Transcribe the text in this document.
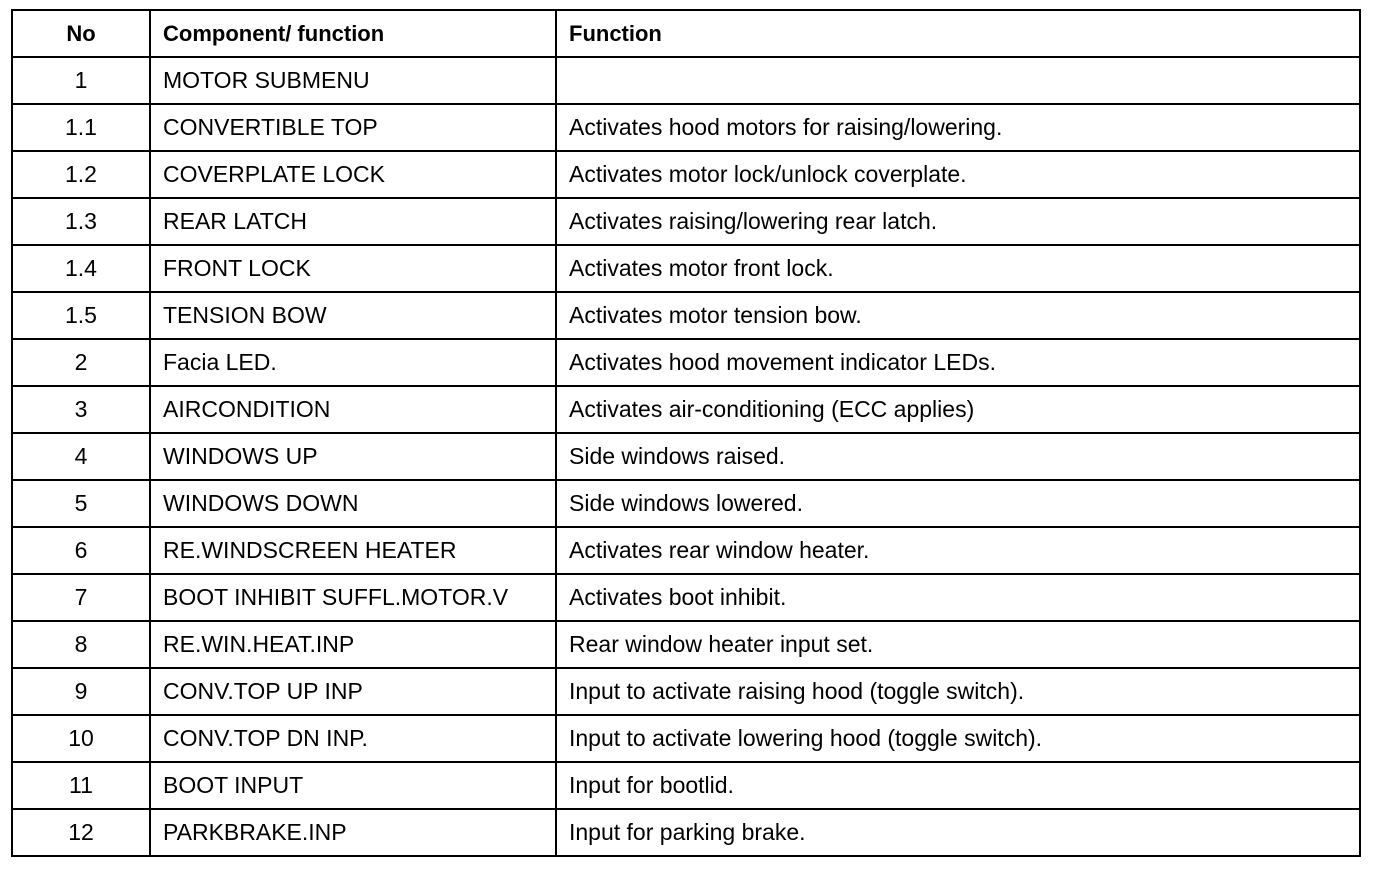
No	Component/ function	Function
1	MOTOR SUBMENU	
1.1	CONVERTIBLE TOP	Activates hood motors for raising/lowering.
1.2	COVERPLATE LOCK	Activates motor lock/unlock coverplate.
1.3	REAR LATCH	Activates raising/lowering rear latch.
1.4	FRONT LOCK	Activates motor front lock.
1.5	TENSION BOW	Activates motor tension bow.
2	Facia LED.	Activates hood movement indicator LEDs.
3	AIRCONDITION	Activates air-conditioning (ECC applies)
4	WINDOWS UP	Side windows raised.
5	WINDOWS DOWN	Side windows lowered.
6	RE.WINDSCREEN HEATER	Activates rear window heater.
7	BOOT INHIBIT SUFFL.MOTOR.V	Activates boot inhibit.
8	RE.WIN.HEAT.INP	Rear window heater input set.
9	CONV.TOP UP INP	Input to activate raising hood (toggle switch).
10	CONV.TOP DN INP.	Input to activate lowering hood (toggle switch).
11	BOOT INPUT	Input for bootlid.
12	PARKBRAKE.INP	Input for parking brake.
